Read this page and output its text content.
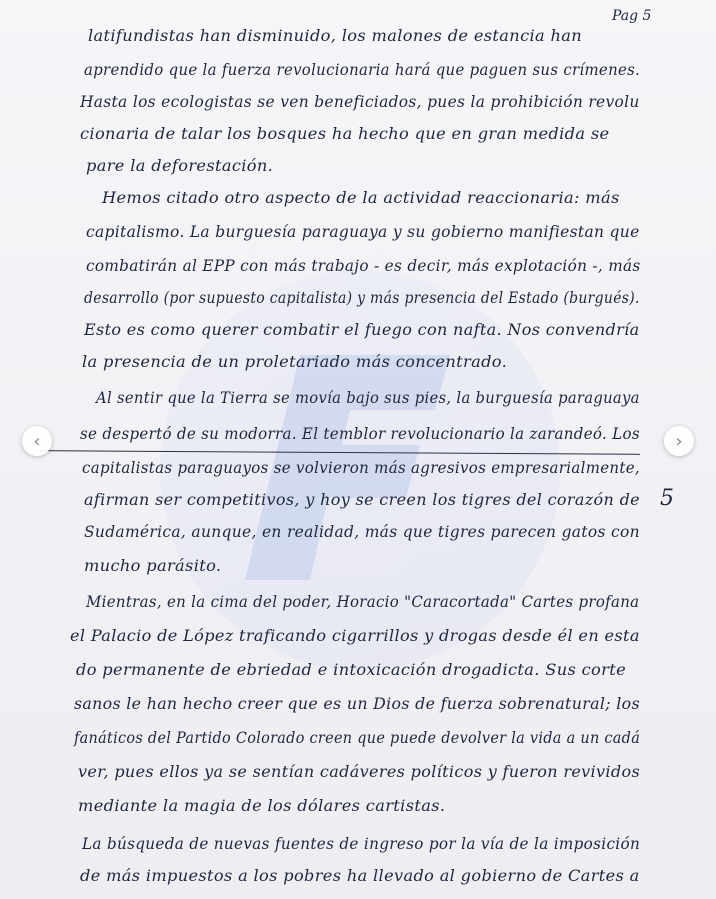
Pag 5
latifundistas han disminuido, los malones de estancia han
aprendido que la fuerza revolucionaria hará que paguen sus crímenes.
Hasta los ecologistas se ven beneficiados, pues la prohibición revolu
cionaria de talar los bosques ha hecho que en gran medida se
pare la deforestación.
Hemos citado otro aspecto de la actividad reaccionaria: más
capitalismo. La burguesía paraguaya y su gobierno manifiestan que
combatirán al EPP con más trabajo - es decir, más explotación -, más
desarrollo (por supuesto capitalista) y más presencia del Estado (burgués).
Esto es como querer combatir el fuego con nafta. Nos convendría
la presencia de un proletariado más concentrado.
Al sentir que la Tierra se movía bajo sus pies, la burguesía paraguaya
se despertó de su modorra. El temblor revolucionario la zarandeó. Los
capitalistas paraguayos se volvieron más agresivos empresarialmente,
afirman ser competitivos, y hoy se creen los tigres del corazón de
Sudamérica, aunque, en realidad, más que tigres parecen gatos con
mucho parásito.
5
Mientras, en la cima del poder, Horacio "Caracortada" Cartes profana
el Palacio de López traficando cigarrillos y drogas desde él en esta
do permanente de ebriedad e intoxicación drogadicta. Sus corte
sanos le han hecho creer que es un Dios de fuerza sobrenatural; los
fanáticos del Partido Colorado creen que puede devolver la vida a un cadá
ver, pues ellos ya se sentían cadáveres políticos y fueron revividos
mediante la magia de los dólares cartistas.
La búsqueda de nuevas fuentes de ingreso por la vía de la imposición
de más impuestos a los pobres ha llevado al gobierno de Cartes a
‹	›
